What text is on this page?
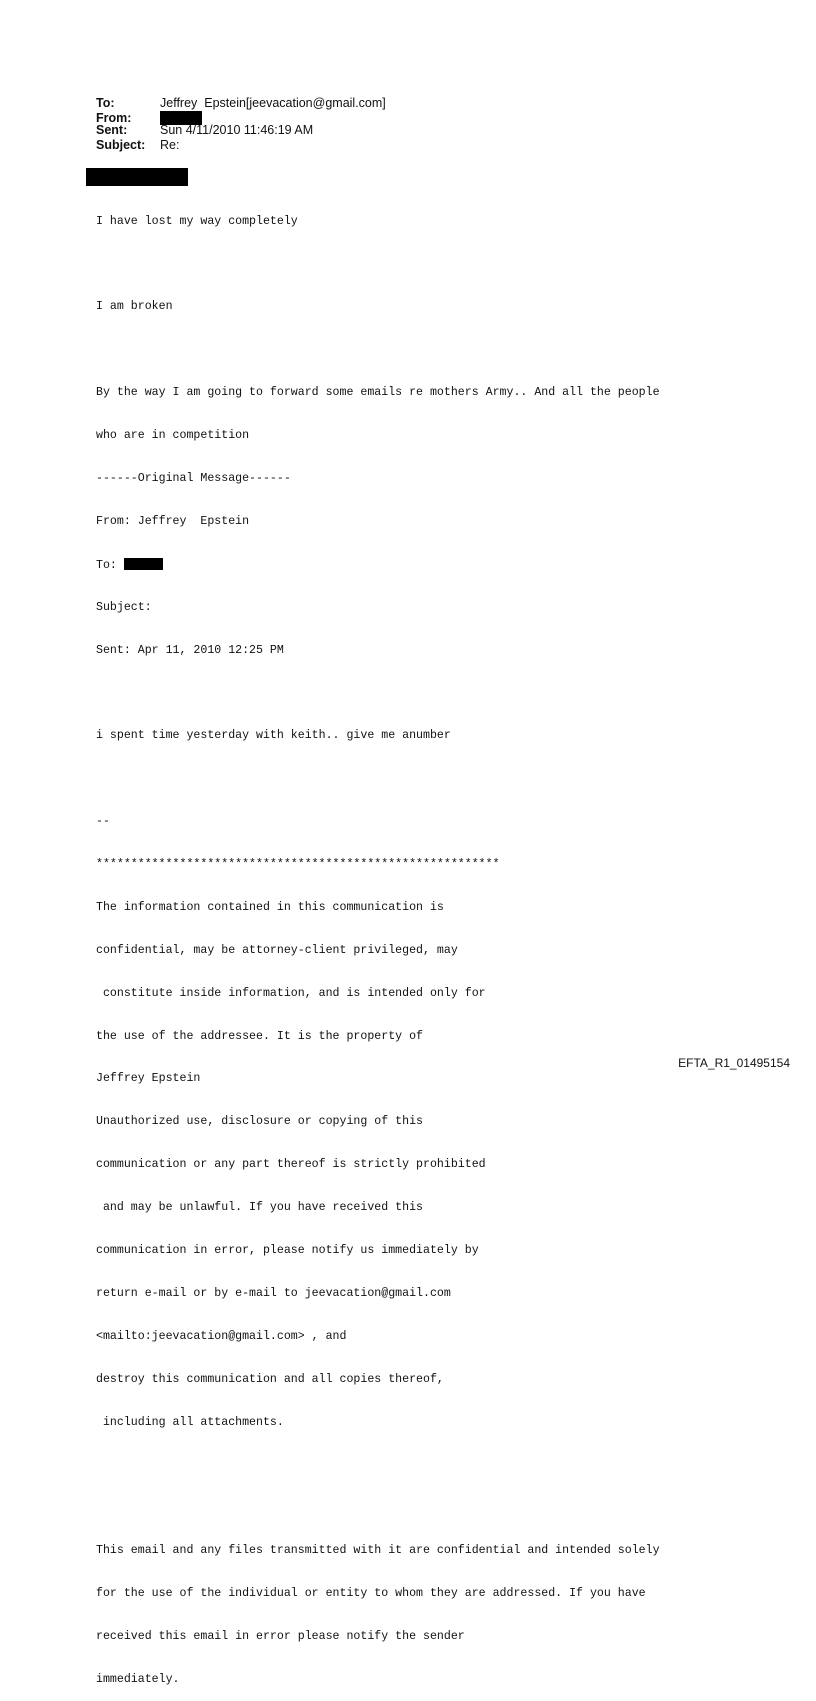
To:	Jeffrey  Epstein[jeevacation@gmail.com]
From:
Sent:	Sun 4/11/2010 11:46:19 AM
Subject:	Re:

I have lost my way completely

I am broken

By the way I am going to forward some emails re mothers Army.. And all the people

who are in competition

------Original Message------

From: Jeffrey  Epstein

To:

Subject:

Sent: Apr 11, 2010 12:25 PM

i spent time yesterday with keith.. give me anumber

--

**********************************************************

The information contained in this communication is

confidential, may be attorney-client privileged, may

constitute inside information, and is intended only for

the use of the addressee. It is the property of

Jeffrey Epstein

Unauthorized use, disclosure or copying of this

communication or any part thereof is strictly prohibited

and may be unlawful. If you have received this

communication in error, please notify us immediately by

return e-mail or by e-mail to jeevacation@gmail.com

<mailto:jeevacation@gmail.com> , and

destroy this communication and all copies thereof,

including all attachments.

This email and any files transmitted with it are confidential and intended solely

for the use of the individual or entity to whom they are addressed. If you have

received this email in error please notify the sender

immediately.

EFTA_R1_01495154
